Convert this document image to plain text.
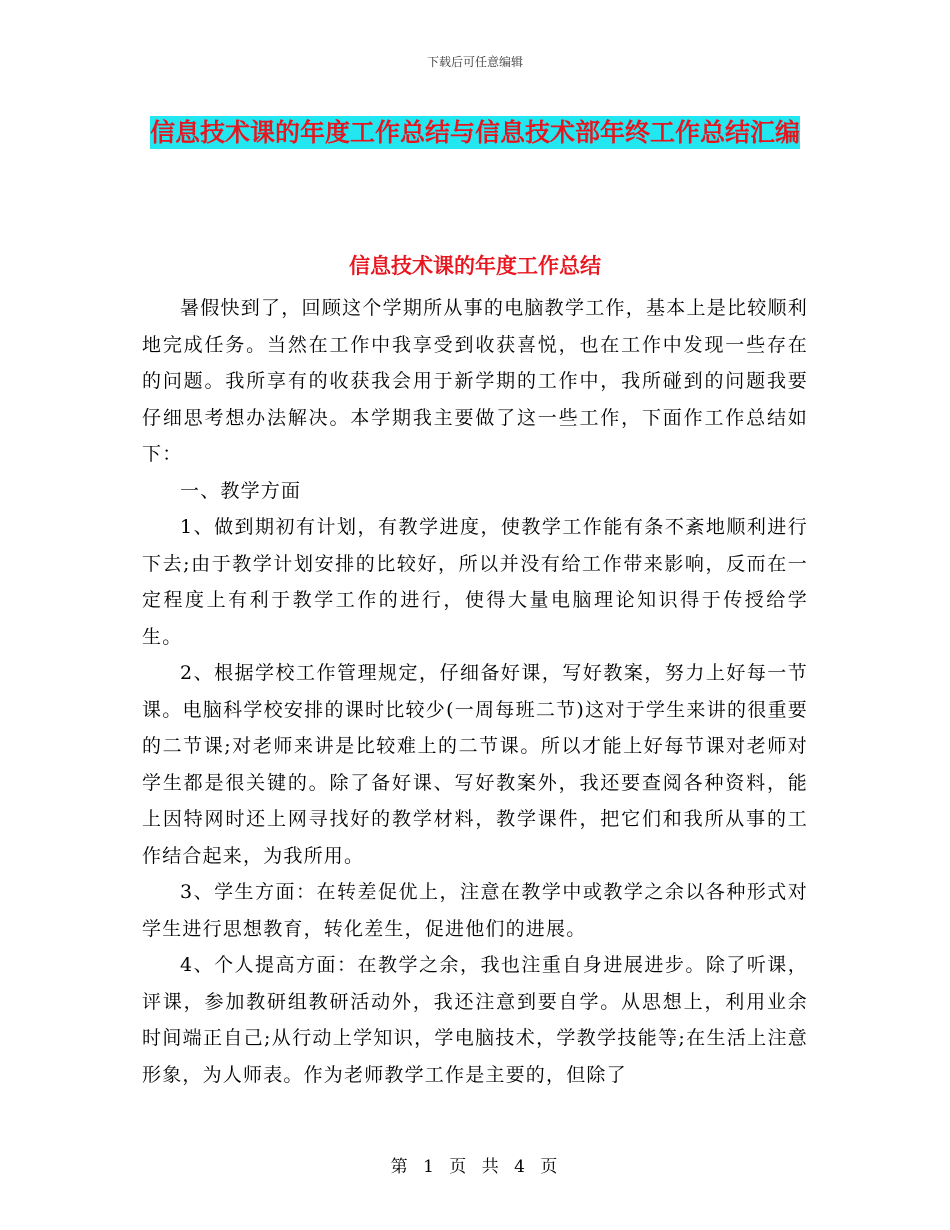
下载后可任意编辑
信息技术课的年度工作总结与信息技术部年终工作总结汇编
信息技术课的年度工作总结

暑假快到了，回顾这个学期所从事的电脑教学工作，基本上是比较顺利地完成任务。当然在工作中我享受到收获喜悦，也在工作中发现一些存在的问题。我所享有的收获我会用于新学期的工作中，我所碰到的问题我要仔细思考想办法解决。本学期我主要做了这一些工作，下面作工作总结如下：

一、教学方面

1、做到期初有计划，有教学进度，使教学工作能有条不紊地顺利进行下去;由于教学计划安排的比较好，所以并没有给工作带来影响，反而在一定程度上有利于教学工作的进行，使得大量电脑理论知识得于传授给学生。

2、根据学校工作管理规定，仔细备好课，写好教案，努力上好每一节课。电脑科学校安排的课时比较少(一周每班二节)这对于学生来讲的很重要的二节课;对老师来讲是比较难上的二节课。所以才能上好每节课对老师对学生都是很关键的。除了备好课、写好教案外，我还要查阅各种资料，能上因特网时还上网寻找好的教学材料，教学课件，把它们和我所从事的工作结合起来，为我所用。

3、学生方面：在转差促优上，注意在教学中或教学之余以各种形式对学生进行思想教育，转化差生，促进他们的进展。

4、个人提高方面：在教学之余，我也注重自身进展进步。除了听课，评课，参加教研组教研活动外，我还注意到要自学。从思想上，利用业余时间端正自己;从行动上学知识，学电脑技术，学教学技能等;在生活上注意形象，为人师表。作为老师教学工作是主要的，但除了

第 1 页 共 4 页
